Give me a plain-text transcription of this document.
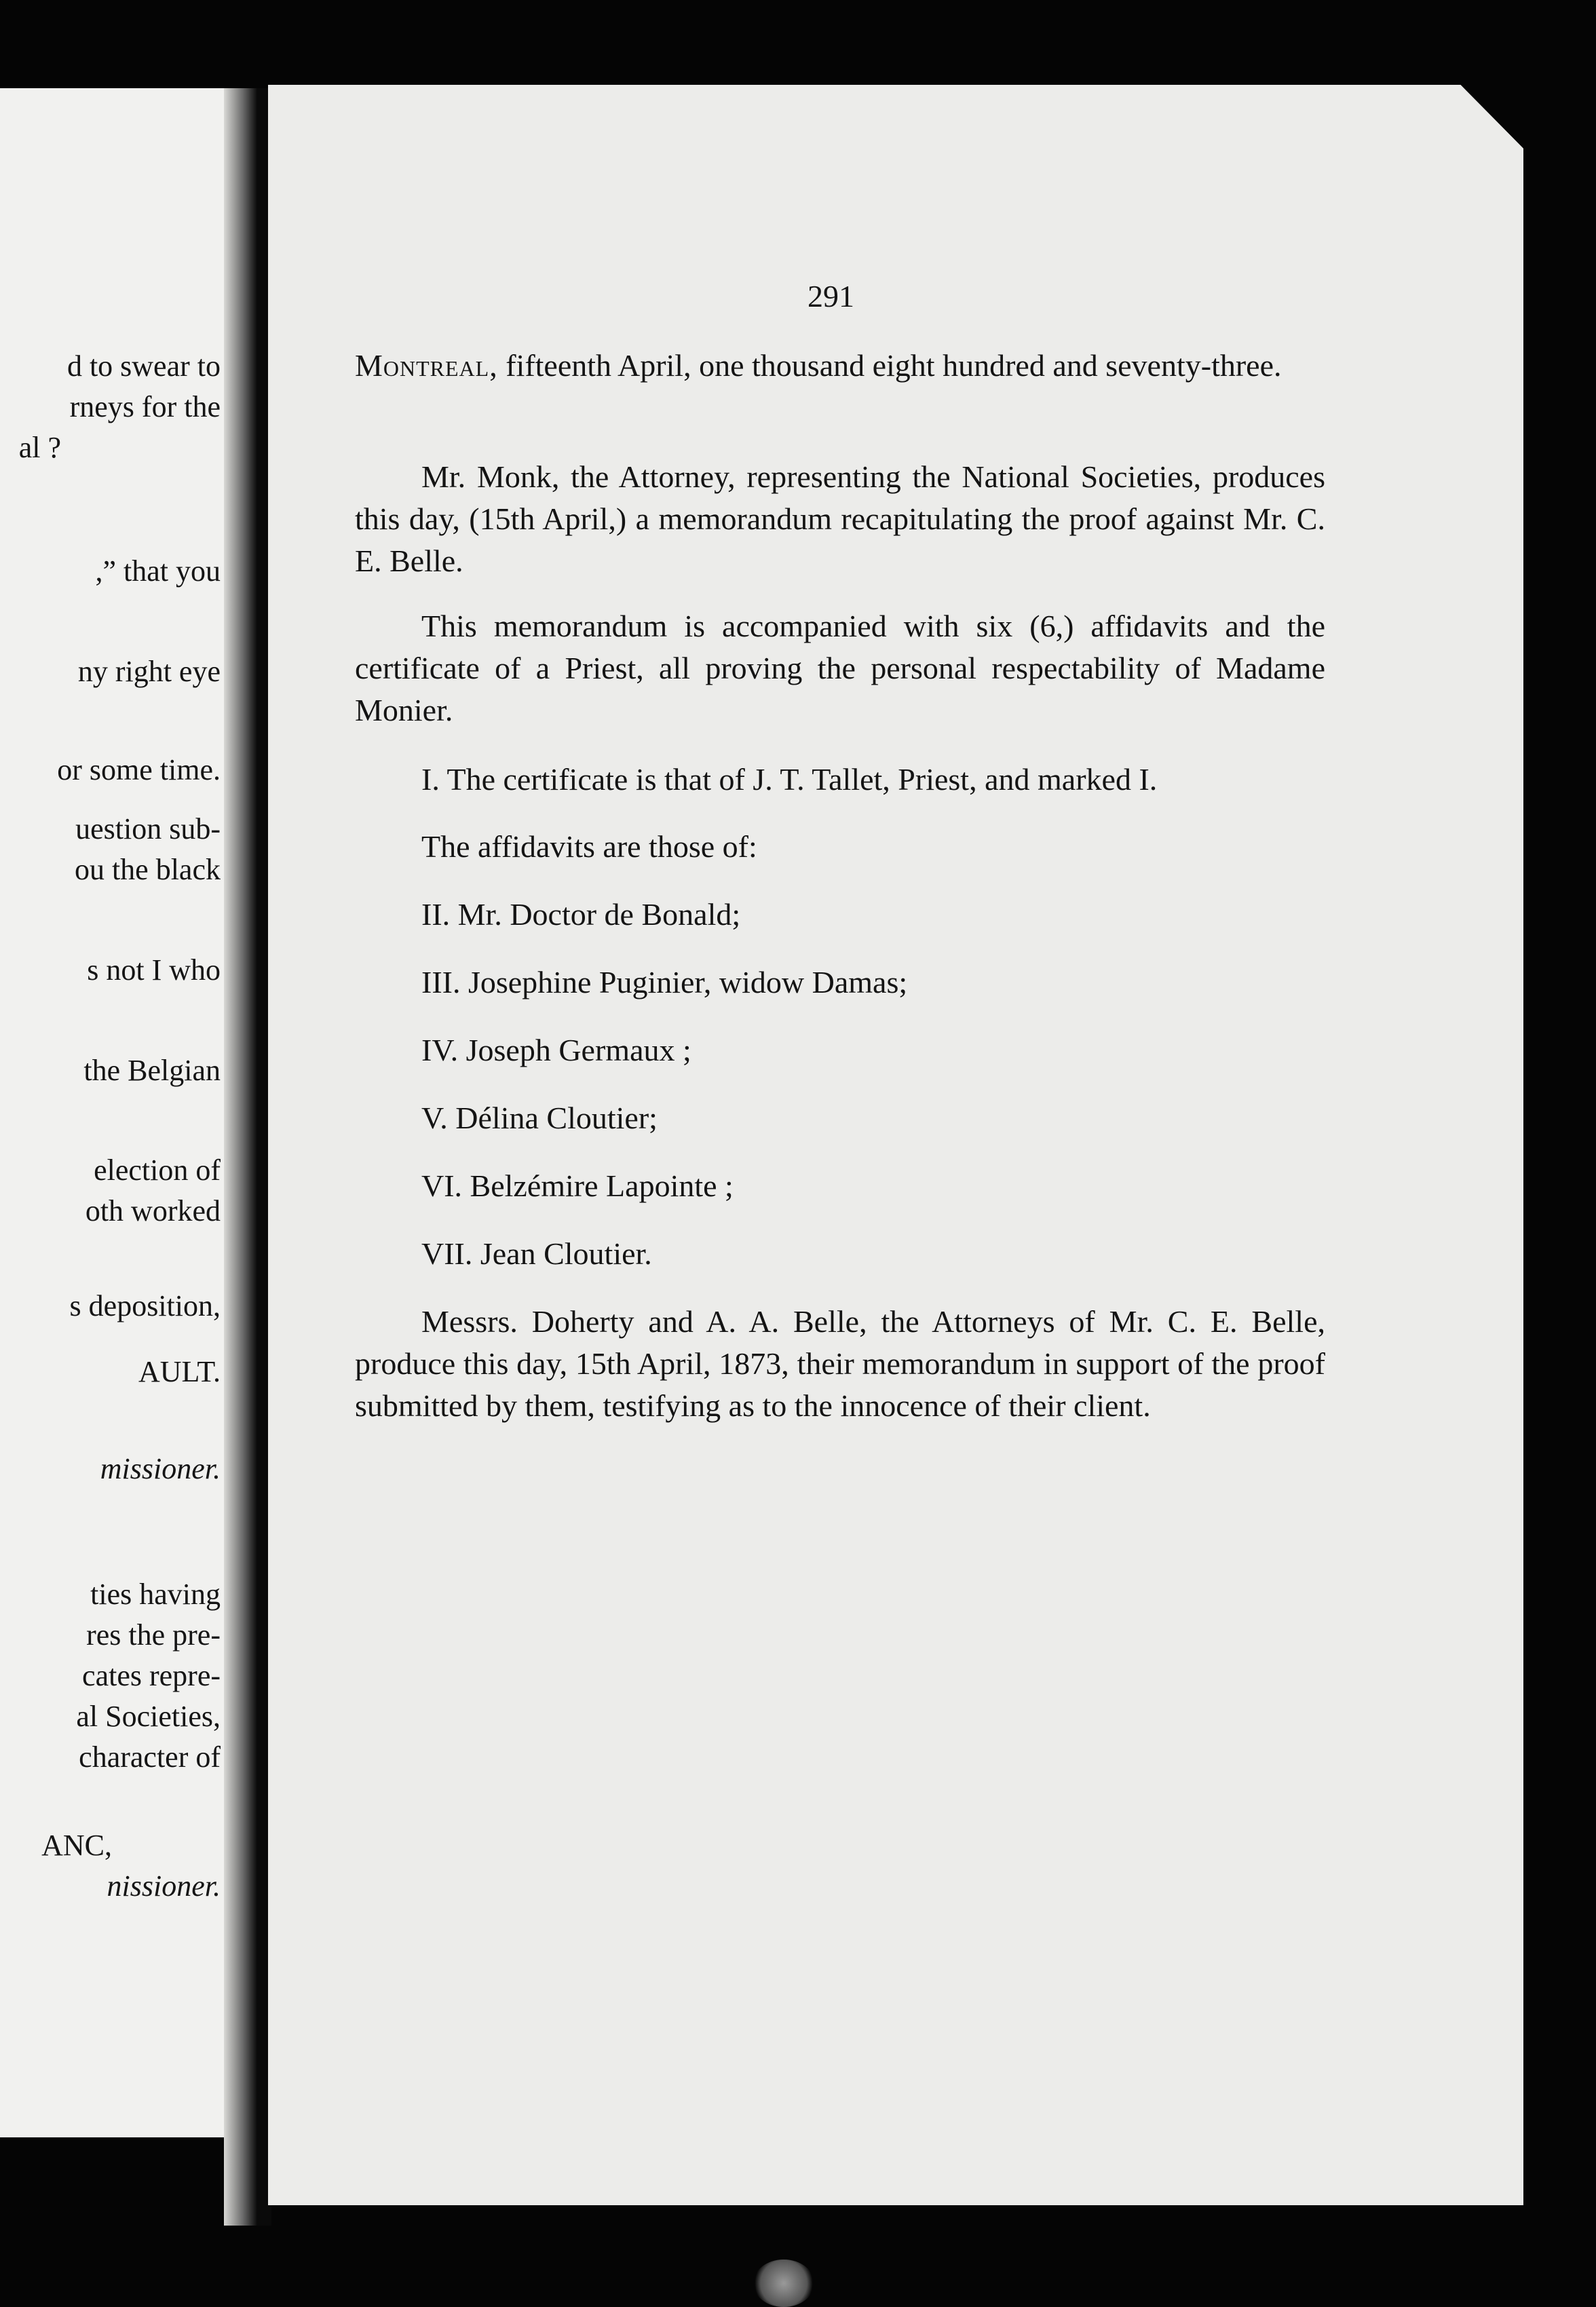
d to swear to
rneys for the
al ?
,” that you
ny right eye
or some time.
uestion sub-
ou the black
s not I who
the Belgian
election of
oth worked
s deposition,
AULT.
missioner.
ties having
res the pre-
cates repre-
al Societies,
character of
ANC,
nissioner.
291
Montreal, fifteenth April, one thousand eight hundred and seventy-three.
Mr. Monk, the Attorney, representing the National Societies, produces this day, (15th April,) a memorandum recapitulating the proof against Mr. C. E. Belle.
This memorandum is accompanied with six (6,) affidavits and the certificate of a Priest, all proving the personal respectability of Madame Monier.
I. The certificate is that of J. T. Tallet, Priest, and marked I.
The affidavits are those of:
II. Mr. Doctor de Bonald;
III. Josephine Puginier, widow Damas;
IV. Joseph Germaux ;
V. Délina Cloutier;
VI. Belzémire Lapointe ;
VII. Jean Cloutier.
Messrs. Doherty and A. A. Belle, the Attorneys of Mr. C. E. Belle, produce this day, 15th April, 1873, their memorandum in support of the proof submitted by them, testifying as to the innocence of their client.
